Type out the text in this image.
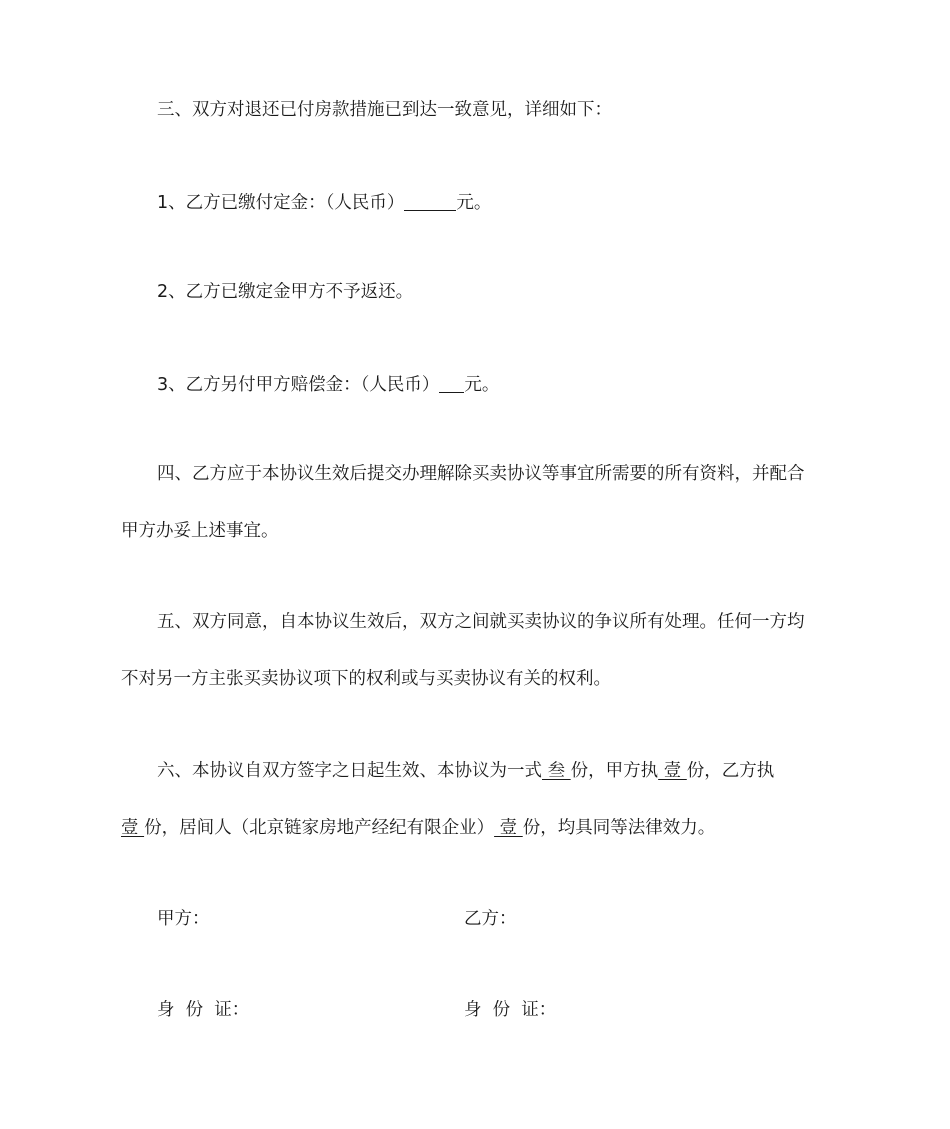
三、双方对退还已付房款措施已到达一致意见，详细如下：
1、乙方已缴付定金：（人民币）	元。
2、乙方已缴定金甲方不予返还。
3、乙方另付甲方赔偿金：（人民币） 元。
四、乙方应于本协议生效后提交办理解除买卖协议等事宜所需要的所有资料，并配合
甲方办妥上述事宜。
五、双方同意，自本协议生效后，双方之间就买卖协议的争议所有处理。任何一方均
不对另一方主张买卖协议项下的权利或与买卖协议有关的权利。
六、本协议自双方签字之日起生效、本协议为一式 叁 份，甲方执 壹 份，乙方执
壹 份，居间人（北京链家房地产经纪有限企业） 壹 份，均具同等法律效力。
甲方：	乙方：
身  份  证：	身  份  证：
